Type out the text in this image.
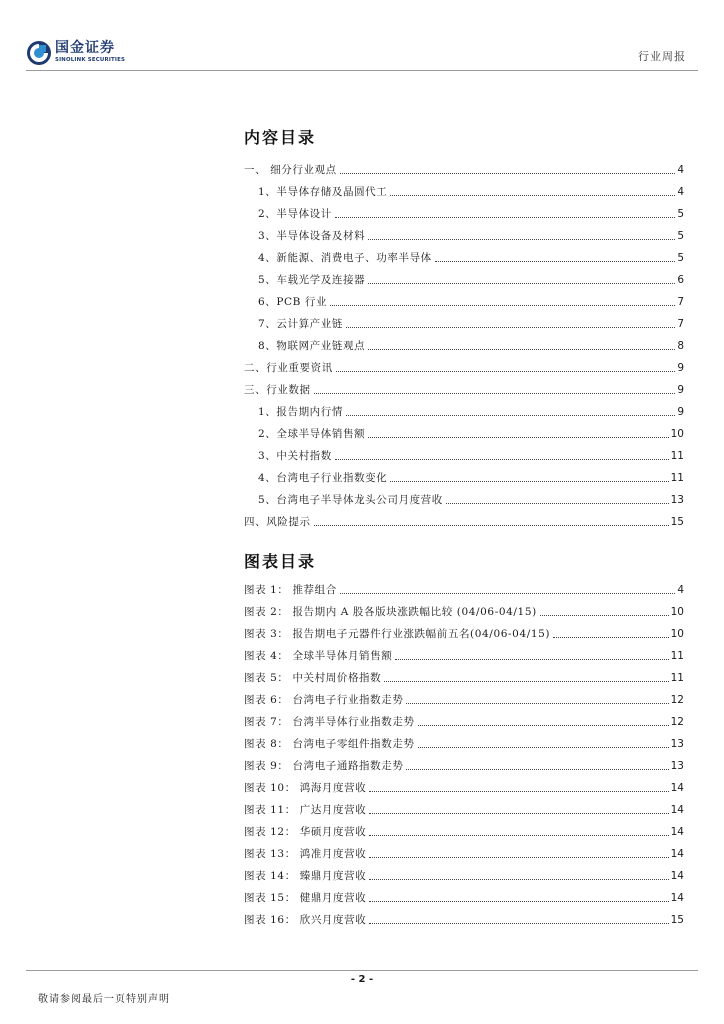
国金证券
SINOLINK SECURITIES	行业周报
内容目录
一、 细分行业观点	4
1、半导体存储及晶圆代工	4
2、半导体设计	5
3、半导体设备及材料	5
4、新能源、消费电子、功率半导体	5
5、车载光学及连接器	6
6、PCB 行业	7
7、云计算产业链	7
8、物联网产业链观点	8
二、行业重要资讯	9
三、行业数据	9
1、报告期内行情	9
2、全球半导体销售额	10
3、中关村指数	11
4、台湾电子行业指数变化	11
5、台湾电子半导体龙头公司月度营收	13
四、风险提示	15
图表目录
图表 1： 推荐组合	4
图表 2： 报告期内 A 股各版块涨跌幅比较 (04/06-04/15)	10
图表 3： 报告期电子元器件行业涨跌幅前五名(04/06-04/15)	10
图表 4： 全球半导体月销售额	11
图表 5： 中关村周价格指数	11
图表 6： 台湾电子行业指数走势	12
图表 7： 台湾半导体行业指数走势	12
图表 8： 台湾电子零组件指数走势	13
图表 9： 台湾电子通路指数走势	13
图表 10： 鸿海月度营收	14
图表 11： 广达月度营收	14
图表 12： 华硕月度营收	14
图表 13： 鸿准月度营收	14
图表 14： 臻鼎月度营收	14
图表 15： 健鼎月度营收	14
图表 16： 欣兴月度营收	15
- 2 -
敬请参阅最后一页特别声明
